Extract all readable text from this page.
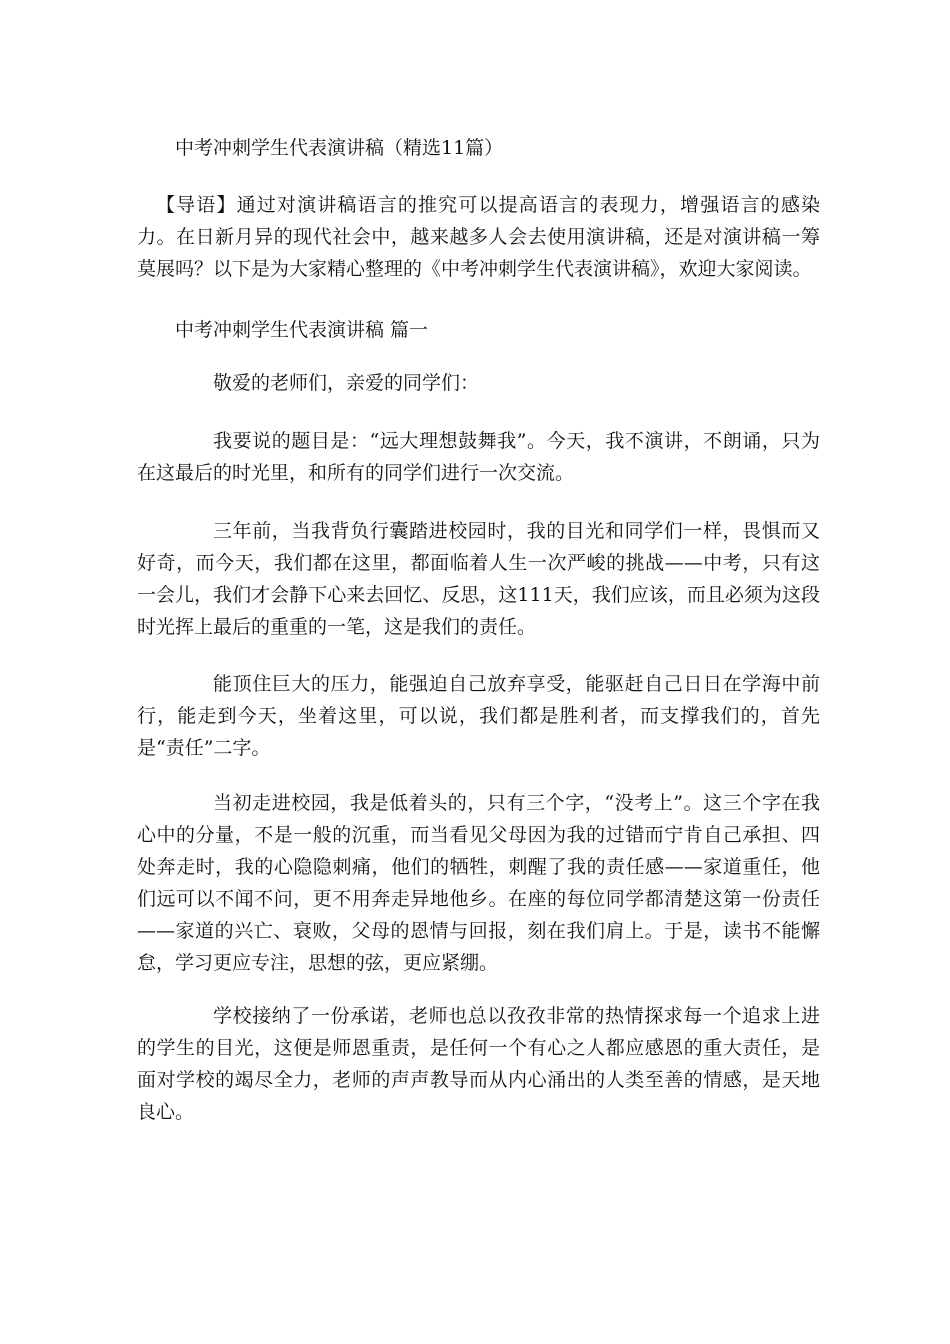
中考冲刺学生代表演讲稿（精选11篇）

【导语】通过对演讲稿语言的推究可以提高语言的表现力，增强语言的感染力。在日新月异的现代社会中，越来越多人会去使用演讲稿，还是对演讲稿一筹莫展吗？以下是为大家精心整理的《中考冲刺学生代表演讲稿》，欢迎大家阅读。

中考冲刺学生代表演讲稿 篇一

敬爱的老师们，亲爱的同学们：

我要说的题目是：“远大理想鼓舞我”。今天，我不演讲，不朗诵，只为在这最后的时光里，和所有的同学们进行一次交流。

三年前，当我背负行囊踏进校园时，我的目光和同学们一样，畏惧而又好奇，而今天，我们都在这里，都面临着人生一次严峻的挑战——中考，只有这一会儿，我们才会静下心来去回忆、反思，这111天，我们应该，而且必须为这段时光挥上最后的重重的一笔，这是我们的责任。

能顶住巨大的压力，能强迫自己放弃享受，能驱赶自己日日在学海中前行，能走到今天，坐着这里，可以说，我们都是胜利者，而支撑我们的，首先是“责任”二字。

当初走进校园，我是低着头的，只有三个字，“没考上”。这三个字在我心中的分量，不是一般的沉重，而当看见父母因为我的过错而宁肯自己承担、四处奔走时，我的心隐隐刺痛，他们的牺牲，刺醒了我的责任感——家道重任，他们远可以不闻不问，更不用奔走异地他乡。在座的每位同学都清楚这第一份责任——家道的兴亡、衰败，父母的恩情与回报，刻在我们肩上。于是，读书不能懈怠，学习更应专注，思想的弦，更应紧绷。

学校接纳了一份承诺，老师也总以孜孜非常的热情探求每一个追求上进的学生的目光，这便是师恩重责，是任何一个有心之人都应感恩的重大责任，是面对学校的竭尽全力，老师的声声教导而从内心涌出的人类至善的情感，是天地良心。
